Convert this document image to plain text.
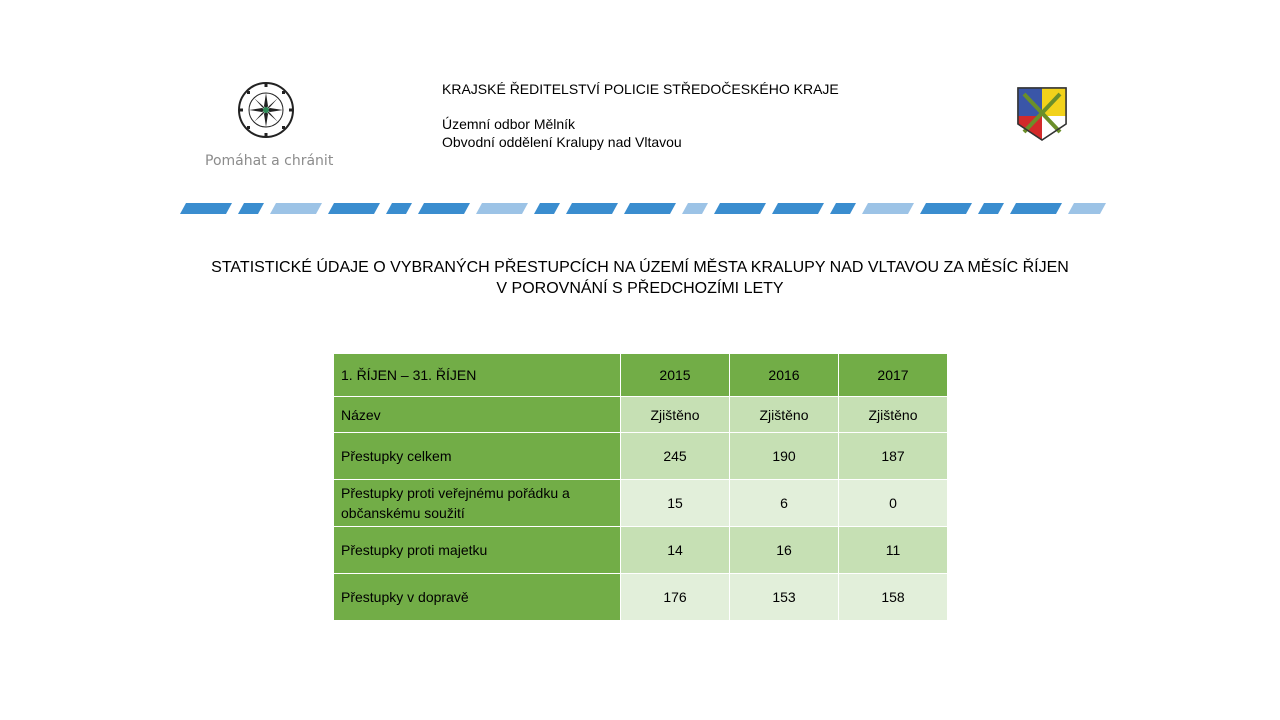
Pomáhat a chránit
KRAJSKÉ ŘEDITELSTVÍ POLICIE STŘEDOČESKÉHO KRAJE
Územní odbor Mělník
Obvodní oddělení Kralupy nad Vltavou
STATISTICKÉ ÚDAJE O VYBRANÝCH PŘESTUPCÍCH NA ÚZEMÍ MĚSTA KRALUPY NAD VLTAVOU ZA MĚSÍC ŘÍJEN
V POROVNÁNÍ S PŘEDCHOZÍMI LETY
1. ŘÍJEN – 31. ŘÍJEN	2015	2016	2017
Název	Zjištěno	Zjištěno	Zjištěno
Přestupky celkem	245	190	187
Přestupky proti veřejnému pořádku a občanskému soužití	15	6	0
Přestupky proti majetku	14	16	11
Přestupky v dopravě	176	153	158
